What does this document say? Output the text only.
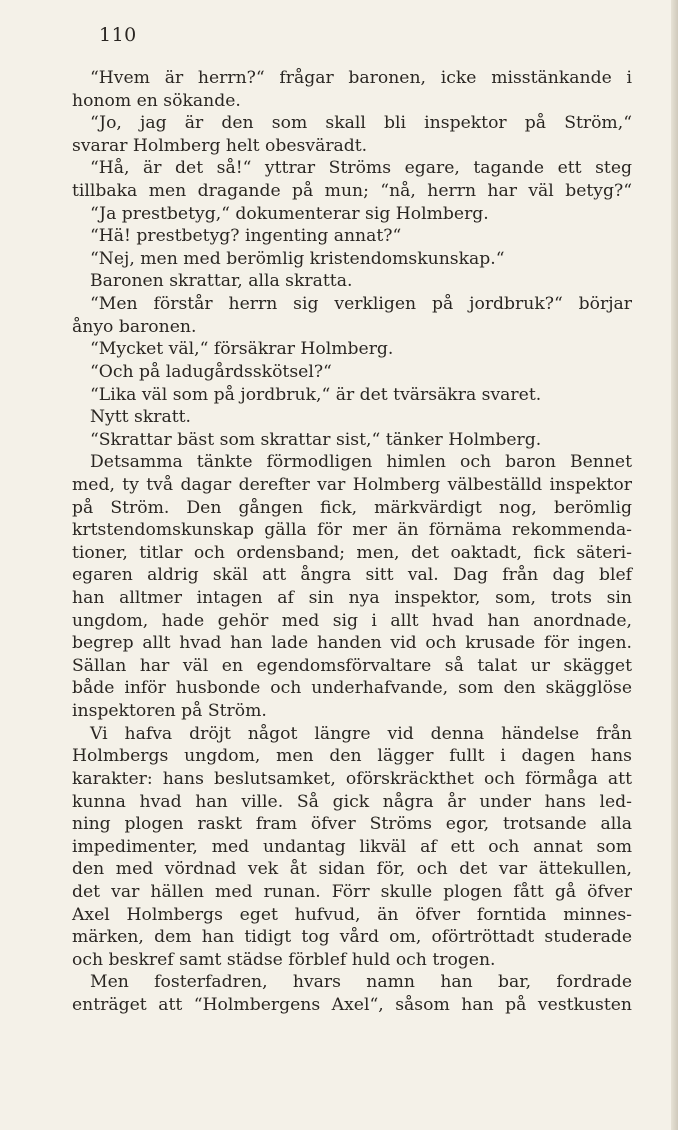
110
“Hvem är herrn?“ frågar baronen, icke misstänkande i
honom en sökande.
“Jo, jag är den som skall bli inspektor på Ström,“
svarar Holmberg helt obesväradt.
“Hå, är det så!“ yttrar Ströms egare, tagande ett steg
tillbaka men dragande på mun; “nå, herrn har väl betyg?“
“Ja prestbetyg,“ dokumenterar sig Holmberg.
“Hä! prestbetyg? ingenting annat?“
“Nej, men med berömlig kristendomskunskap.“
Baronen skrattar, alla skratta.
“Men förstår herrn sig verkligen på jordbruk?“ börjar
ånyo baronen.
“Mycket väl,“ försäkrar Holmberg.
“Och på ladugårdsskötsel?“
“Lika väl som på jordbruk,“ är det tvärsäkra svaret.
Nytt skratt.
“Skrattar bäst som skrattar sist,“ tänker Holmberg.
Detsamma tänkte förmodligen himlen och baron Bennet
med, ty två dagar derefter var Holmberg välbeställd inspektor
på Ström. Den gången fick, märkvärdigt nog, berömlig
krtstendomskunskap gälla för mer än förnäma rekommenda-
tioner, titlar och ordensband; men, det oaktadt, fick säteri-
egaren aldrig skäl att ångra sitt val. Dag från dag blef
han alltmer intagen af sin nya inspektor, som, trots sin
ungdom, hade gehör med sig i allt hvad han anordnade,
begrep allt hvad han lade handen vid och krusade för ingen.
Sällan har väl en egendomsförvaltare så talat ur skägget
både inför husbonde och underhafvande, som den skägglöse
inspektoren på Ström.
Vi hafva dröjt något längre vid denna händelse från
Holmbergs ungdom, men den lägger fullt i dagen hans
karakter: hans beslutsamket, oförskräckthet och förmåga att
kunna hvad han ville. Så gick några år under hans led-
ning plogen raskt fram öfver Ströms egor, trotsande alla
impedimenter, med undantag likväl af ett och annat som
den med vördnad vek åt sidan för, och det var ättekullen,
det var hällen med runan. Förr skulle plogen fått gå öfver
Axel Holmbergs eget hufvud, än öfver forntida minnes-
märken, dem han tidigt tog vård om, oförtröttadt studerade
och beskref samt städse förblef huld och trogen.
Men fosterfadren, hvars namn han bar, fordrade
enträget att “Holmbergens Axel“, såsom han på vestkusten
